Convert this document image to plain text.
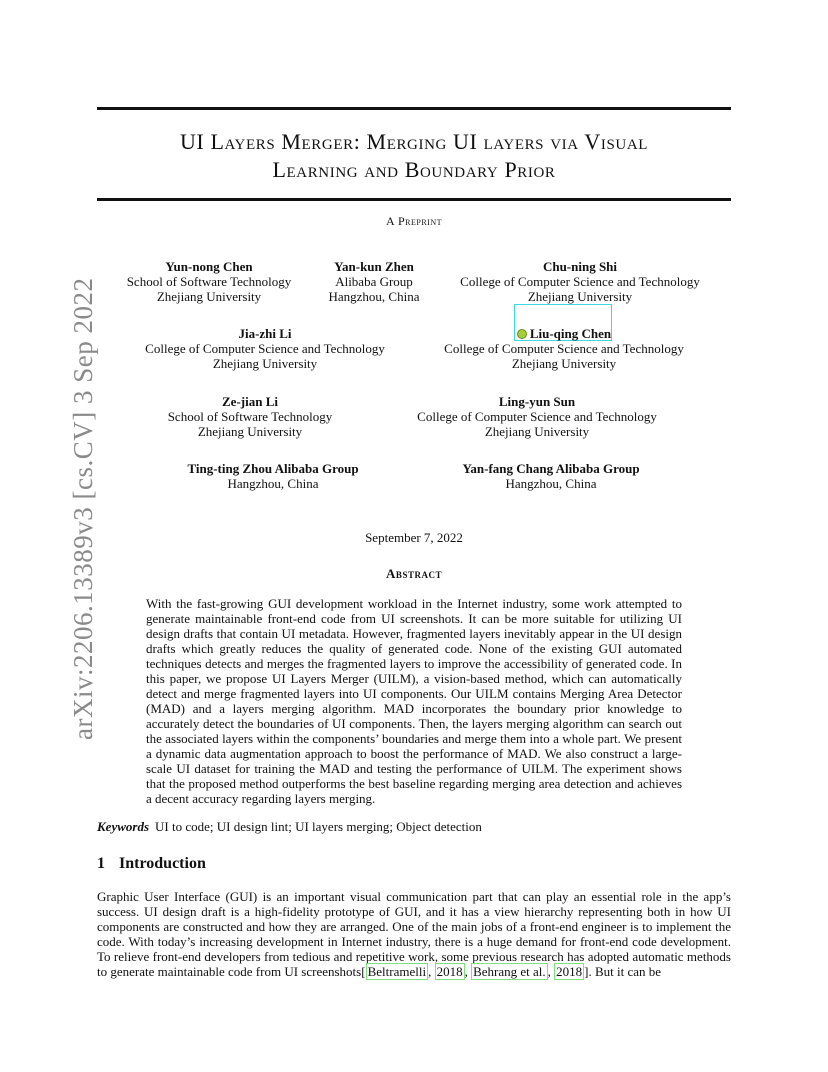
arXiv:2206.13389v3 [cs.CV] 3 Sep 2022
UI Layers Merger: Merging UI layers via Visual
Learning and Boundary Prior
A Preprint
Yun-nong Chen
School of Software Technology
Zhejiang University
Yan-kun Zhen
Alibaba Group
Hangzhou, China
Chu-ning Shi
College of Computer Science and Technology
Zhejiang University
Jia-zhi Li
College of Computer Science and Technology
Zhejiang University
Liu-qing Chen
College of Computer Science and Technology
Zhejiang University
Ze-jian Li
School of Software Technology
Zhejiang University
Ling-yun Sun
College of Computer Science and Technology
Zhejiang University
Ting-ting Zhou Alibaba Group
Hangzhou, China
Yan-fang Chang Alibaba Group
Hangzhou, China
September 7, 2022
Abstract
With the fast-growing GUI development workload in the Internet industry, some work attempted to generate maintainable front-end code from UI screenshots. It can be more suitable for utilizing UI design drafts that contain UI metadata. However, fragmented layers inevitably appear in the UI design drafts which greatly reduces the quality of generated code. None of the existing GUI automated techniques detects and merges the fragmented layers to improve the accessibility of generated code. In this paper, we propose UI Layers Merger (UILM), a vision-based method, which can automatically detect and merge fragmented layers into UI components. Our UILM contains Merging Area Detector (MAD) and a layers merging algorithm. MAD incorporates the boundary prior knowledge to accurately detect the boundaries of UI components. Then, the layers merging algorithm can search out the associated layers within the components’ boundaries and merge them into a whole part. We present a dynamic data augmentation approach to boost the performance of MAD. We also construct a large-scale UI dataset for training the MAD and testing the performance of UILM. The experiment shows that the proposed method outperforms the best baseline regarding merging area detection and achieves a decent accuracy regarding layers merging.
Keywords UI to code; UI design lint; UI layers merging; Object detection
1 Introduction
Graphic User Interface (GUI) is an important visual communication part that can play an essential role in the app’s success. UI design draft is a high-fidelity prototype of GUI, and it has a view hierarchy representing both in how UI components are constructed and how they are arranged. One of the main jobs of a front-end engineer is to implement the code. With today’s increasing development in Internet industry, there is a huge demand for front-end code development. To relieve front-end developers from tedious and repetitive work, some previous research has adopted automatic methods to generate maintainable code from UI screenshots[ Beltramelli , 2018 , Behrang et al. , 2018 ]. But it can be
